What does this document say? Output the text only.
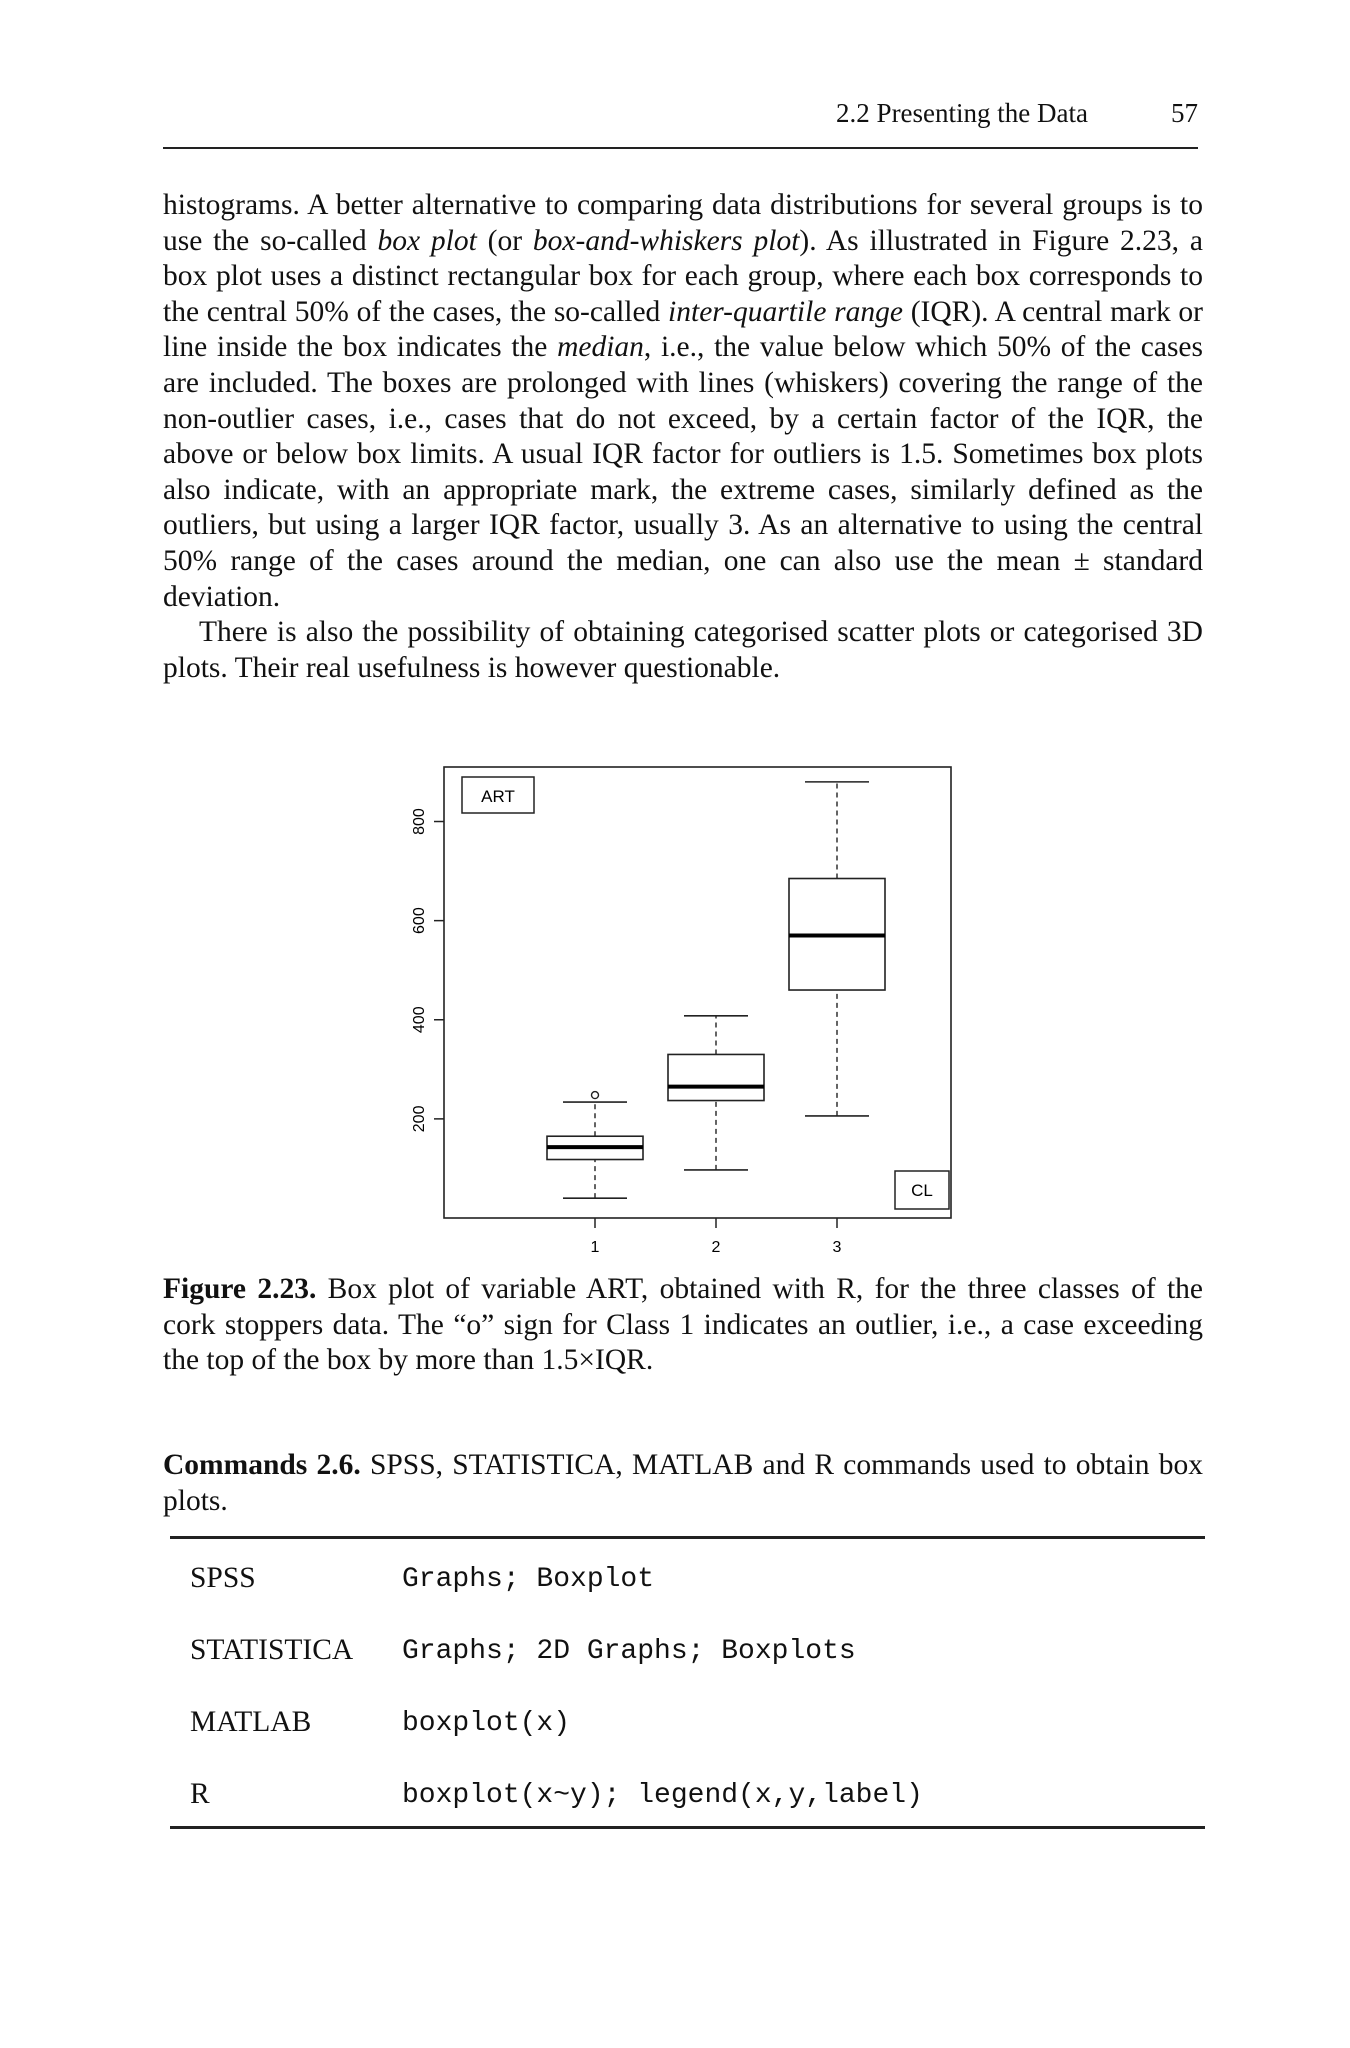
2.2 Presenting the Data	57

histograms. A better alternative to comparing data distributions for several groups is to use the so-called box plot (or box-and-whiskers plot). As illustrated in Figure 2.23, a box plot uses a distinct rectangular box for each group, where each box corresponds to the central 50% of the cases, the so-called inter-quartile range (IQR). A central mark or line inside the box indicates the median, i.e., the value below which 50% of the cases are included. The boxes are prolonged with lines (whiskers) covering the range of the non-outlier cases, i.e., cases that do not exceed, by a certain factor of the IQR, the above or below box limits. A usual IQR factor for outliers is 1.5. Sometimes box plots also indicate, with an appropriate mark, the extreme cases, similarly defined as the outliers, but using a larger IQR factor, usually 3. As an alternative to using the central 50% range of the cases around the median, one can also use the mean ± standard deviation.

There is also the possibility of obtaining categorised scatter plots or categorised 3D plots. Their real usefulness is however questionable.

200
400
600
800
1	2	3
ART
CL

Figure 2.23. Box plot of variable ART, obtained with R, for the three classes of the cork stoppers data. The “o” sign for Class 1 indicates an outlier, i.e., a case exceeding the top of the box by more than 1.5×IQR.

Commands 2.6. SPSS, STATISTICA, MATLAB and R commands used to obtain box plots.

SPSS	Graphs; Boxplot
STATISTICA	Graphs; 2D Graphs; Boxplots
MATLAB	boxplot(x)
R	boxplot(x~y); legend(x,y,label)
